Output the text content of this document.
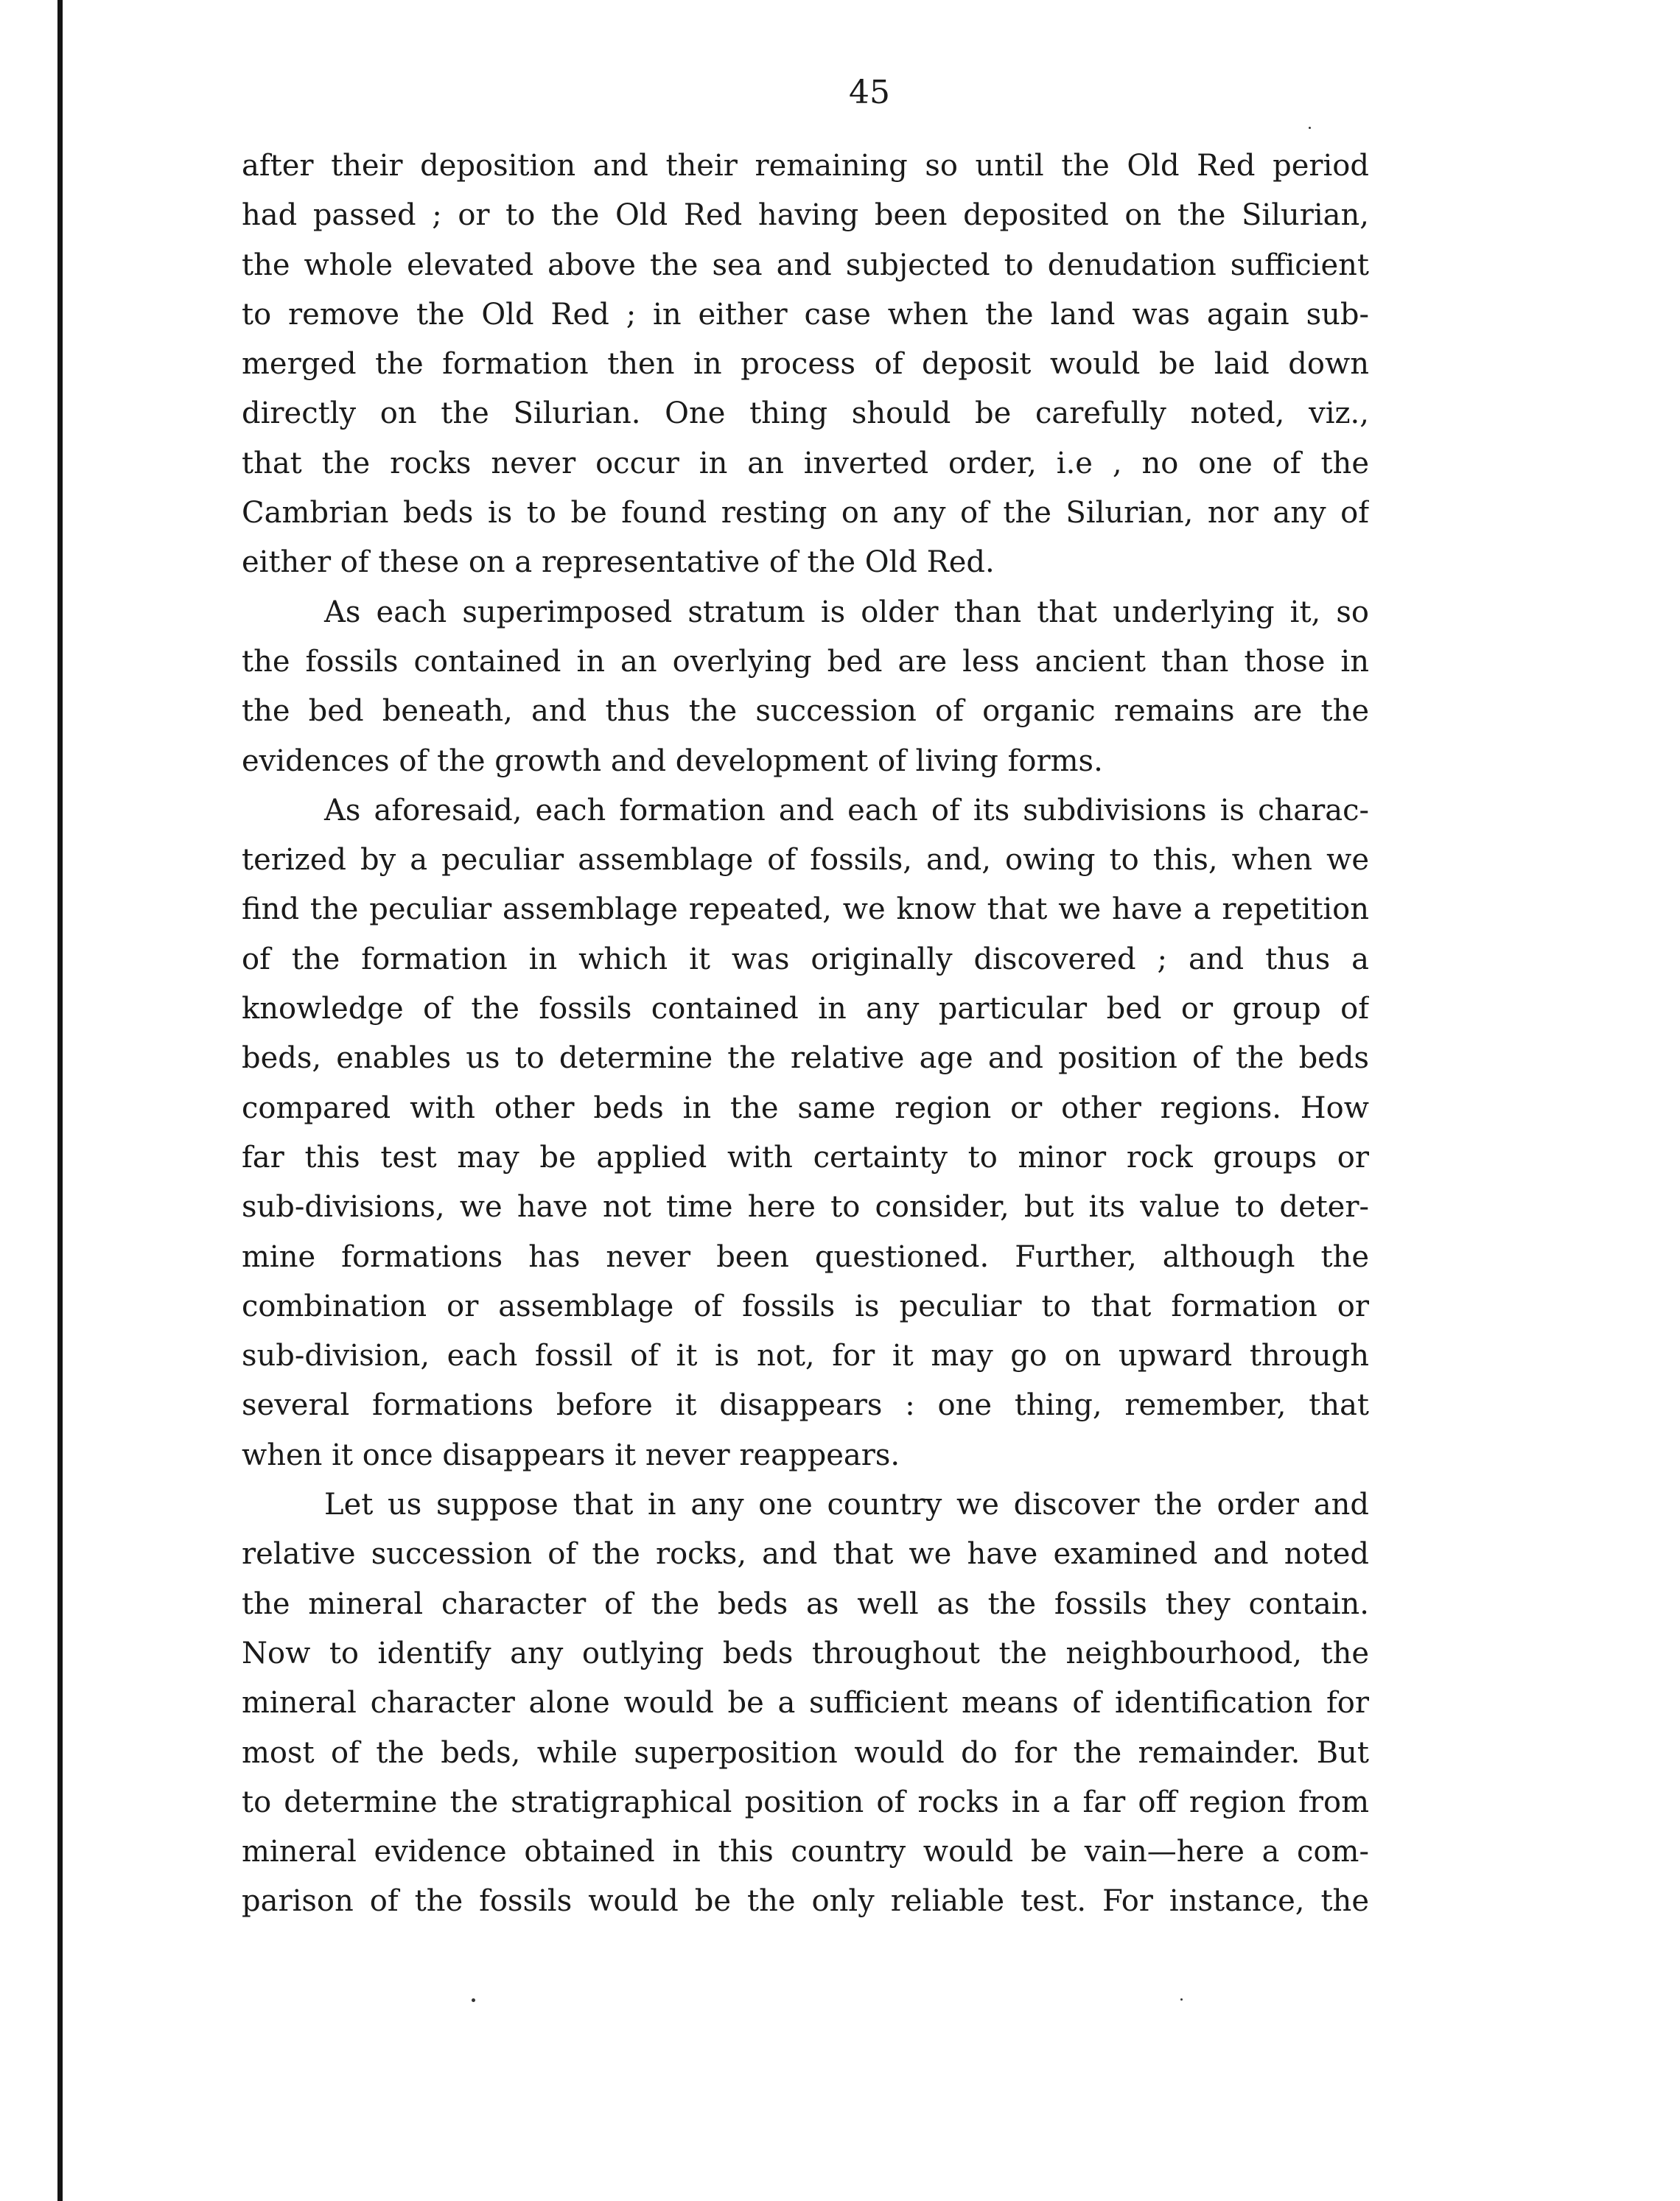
45
after their deposition and their remaining so until the Old Red period
had passed ; or to the Old Red having been deposited on the Silurian,
the whole elevated above the sea and subjected to denudation sufficient
to remove the Old Red ; in either case when the land was again sub-
merged the formation then in process of deposit would be laid down
directly on the Silurian. One thing should be carefully noted, viz.,
that the rocks never occur in an inverted order, i.e , no one of the
Cambrian beds is to be found resting on any of the Silurian, nor any of
either of these on a representative of the Old Red.
As each superimposed stratum is older than that underlying it, so
the fossils contained in an overlying bed are less ancient than those in
the bed beneath, and thus the succession of organic remains are the
evidences of the growth and development of living forms.
As aforesaid, each formation and each of its subdivisions is charac-
terized by a peculiar assemblage of fossils, and, owing to this, when we
find the peculiar assemblage repeated, we know that we have a repetition
of the formation in which it was originally discovered ; and thus a
knowledge of the fossils contained in any particular bed or group of
beds, enables us to determine the relative age and position of the beds
compared with other beds in the same region or other regions. How
far this test may be applied with certainty to minor rock groups or
sub-divisions, we have not time here to consider, but its value to deter-
mine formations has never been questioned. Further, although the
combination or assemblage of fossils is peculiar to that formation or
sub-division, each fossil of it is not, for it may go on upward through
several formations before it disappears : one thing, remember, that
when it once disappears it never reappears.
Let us suppose that in any one country we discover the order and
relative succession of the rocks, and that we have examined and noted
the mineral character of the beds as well as the fossils they contain.
Now to identify any outlying beds throughout the neighbourhood, the
mineral character alone would be a sufficient means of identification for
most of the beds, while superposition would do for the remainder. But
to determine the stratigraphical position of rocks in a far off region from
mineral evidence obtained in this country would be vain—here a com-
parison of the fossils would be the only reliable test. For instance, the
